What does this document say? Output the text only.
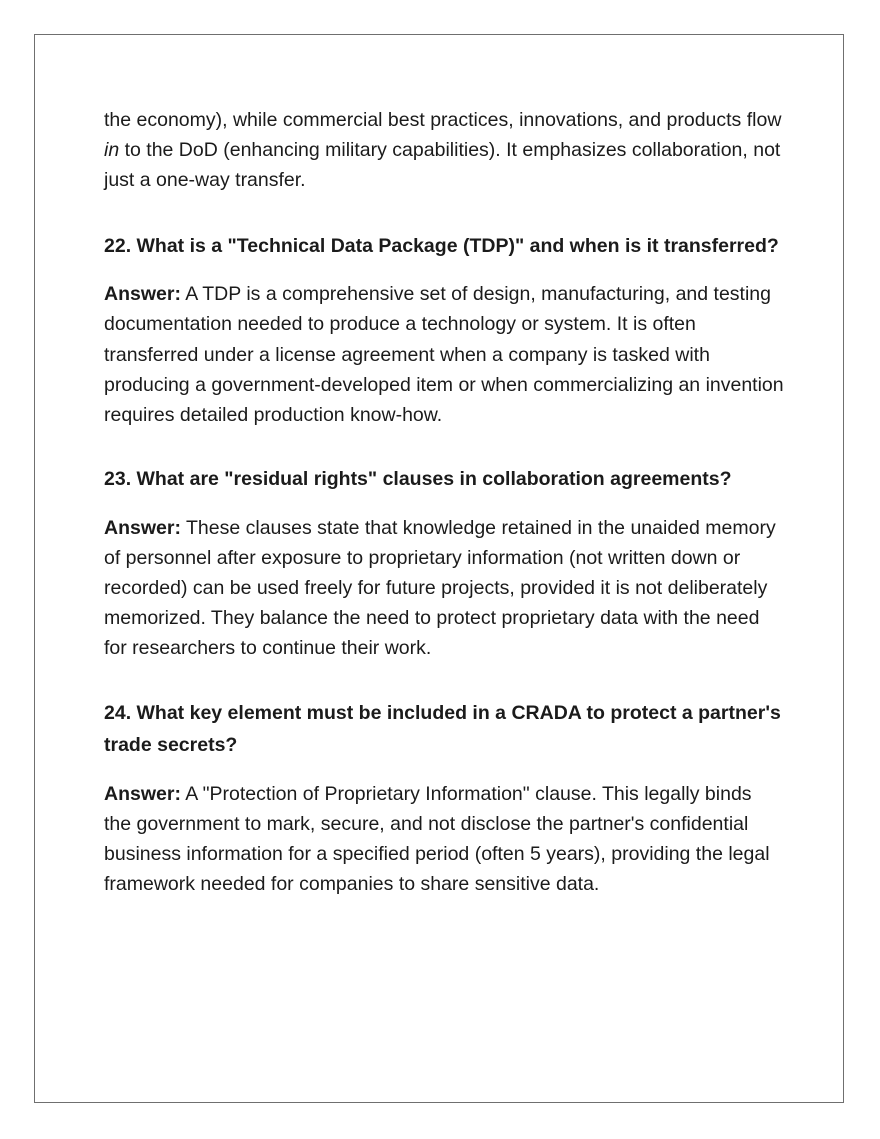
the economy), while commercial best practices, innovations, and products flow in to the DoD (enhancing military capabilities). It emphasizes collaboration, not just a one-way transfer.

22. What is a "Technical Data Package (TDP)" and when is it transferred?

Answer: A TDP is a comprehensive set of design, manufacturing, and testing documentation needed to produce a technology or system. It is often transferred under a license agreement when a company is tasked with producing a government-developed item or when commercializing an invention requires detailed production know-how.

23. What are "residual rights" clauses in collaboration agreements?

Answer: These clauses state that knowledge retained in the unaided memory of personnel after exposure to proprietary information (not written down or recorded) can be used freely for future projects, provided it is not deliberately memorized. They balance the need to protect proprietary data with the need for researchers to continue their work.

24. What key element must be included in a CRADA to protect a partner's trade secrets?

Answer: A "Protection of Proprietary Information" clause. This legally binds the government to mark, secure, and not disclose the partner's confidential business information for a specified period (often 5 years), providing the legal framework needed for companies to share sensitive data.
